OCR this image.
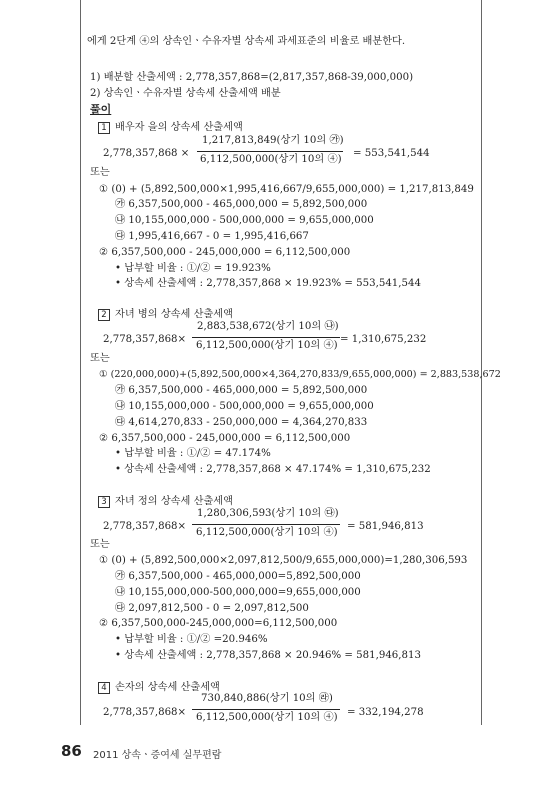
에게 2단계 ④의 상속인ㆍ수유자별 상속세 과세표준의 비율로 배분한다.
1) 배분할 산출세액 : 2,778,357,868=(2,817,357,868-39,000,000)
2) 상속인ㆍ수유자별 상속세 산출세액 배분
풀이
1 배우자 을의 상속세 산출세액
2,778,357,868 ×
1,217,813,849(상기 10의 ㉮)
6,112,500,000(상기 10의 ④)
= 553,541,544
또는
① (0) + (5,892,500,000×1,995,416,667/9,655,000,000) = 1,217,813,849
㉮ 6,357,500,000 - 465,000,000 = 5,892,500,000
㉯ 10,155,000,000 - 500,000,000 = 9,655,000,000
㉰ 1,995,416,667 - 0 = 1,995,416,667
② 6,357,500,000 - 245,000,000 = 6,112,500,000
• 납부할 비율 : ①/② = 19.923%
• 상속세 산출세액 : 2,778,357,868 × 19.923% = 553,541,544
2 자녀 병의 상속세 산출세액
2,778,357,868×
2,883,538,672(상기 10의 ㉯)
6,112,500,000(상기 10의 ④)
= 1,310,675,232
또는
① (220,000,000)+(5,892,500,000×4,364,270,833/9,655,000,000) = 2,883,538,672
㉮ 6,357,500,000 - 465,000,000 = 5,892,500,000
㉯ 10,155,000,000 - 500,000,000 = 9,655,000,000
㉰ 4,614,270,833 - 250,000,000 = 4,364,270,833
② 6,357,500,000 - 245,000,000 = 6,112,500,000
• 납부할 비율 : ①/② = 47.174%
• 상속세 산출세액 : 2,778,357,868 × 47.174% = 1,310,675,232
3 자녀 정의 상속세 산출세액
2,778,357,868×
1,280,306,593(상기 10의 ㉰)
6,112,500,000(상기 10의 ④)
= 581,946,813
또는
① (0) + (5,892,500,000×2,097,812,500/9,655,000,000)=1,280,306,593
㉮ 6,357,500,000 - 465,000,000=5,892,500,000
㉯ 10,155,000,000-500,000,000=9,655,000,000
㉰ 2,097,812,500 - 0 = 2,097,812,500
② 6,357,500,000-245,000,000=6,112,500,000
• 납부할 비율 : ①/② =20.946%
• 상속세 산출세액 : 2,778,357,868 × 20.946% = 581,946,813
4 손자의 상속세 산출세액
2,778,357,868×
730,840,886(상기 10의 ㉱)
6,112,500,000(상기 10의 ④) = 332,194,278
86 2011 상속ㆍ증여세 실무편람
